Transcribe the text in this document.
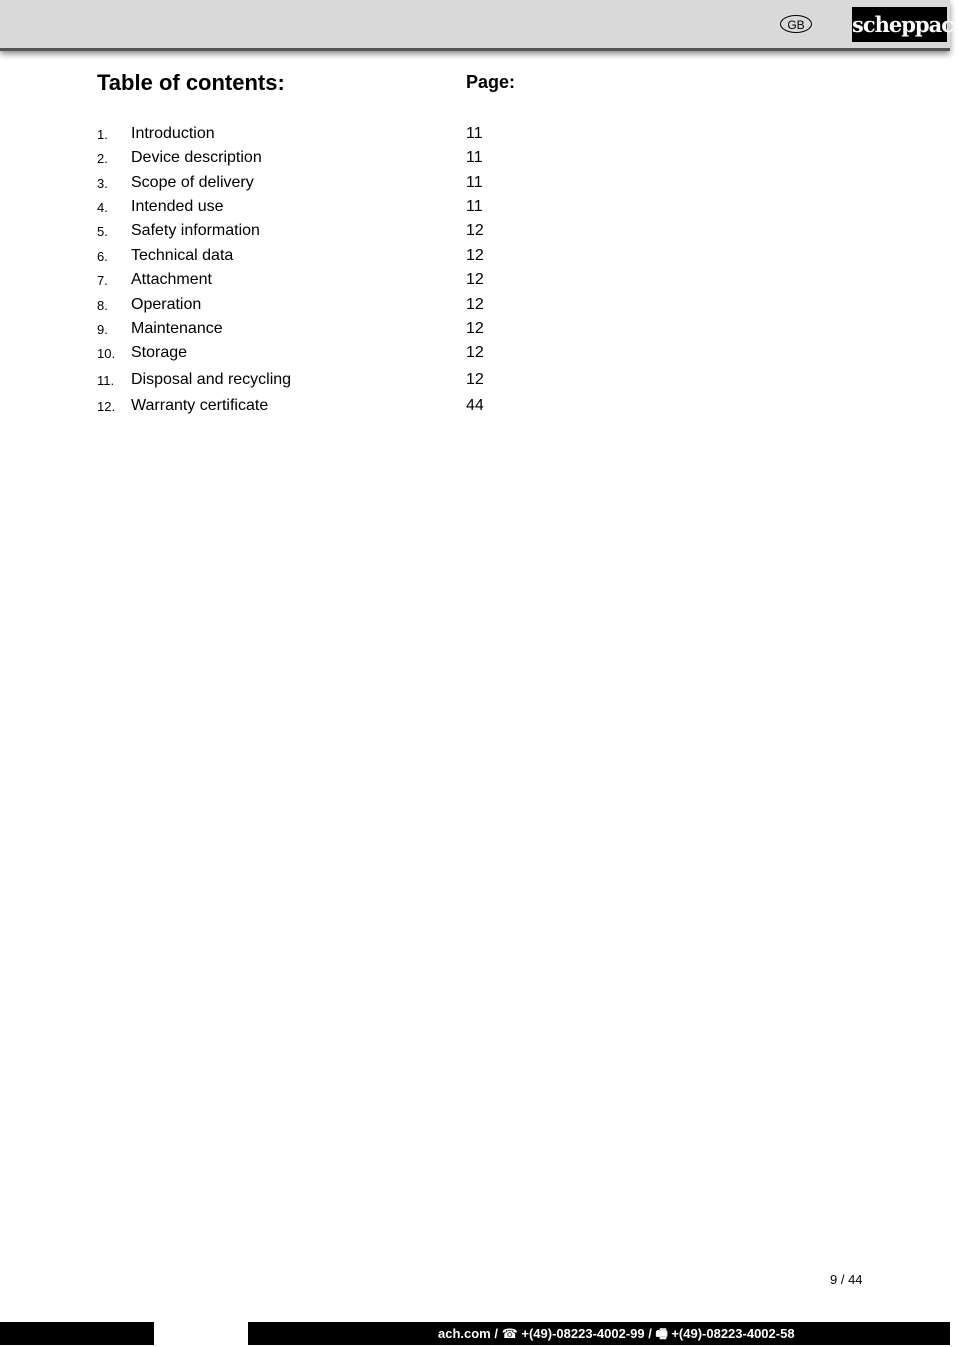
GB	scheppach
Table of contents:	Page:
1. Introduction	11
2. Device description	11
3. Scope of delivery	11
4. Intended use	11
5. Safety information	12
6. Technical data	12
7. Attachment	12
8. Operation	12
9. Maintenance	12
10. Storage	12
11. Disposal and recycling	12
12. Warranty certificate	44
9 / 44
ach.com / ☎ +(49)-08223-4002-99 / 🖷 +(49)-08223-4002-58
